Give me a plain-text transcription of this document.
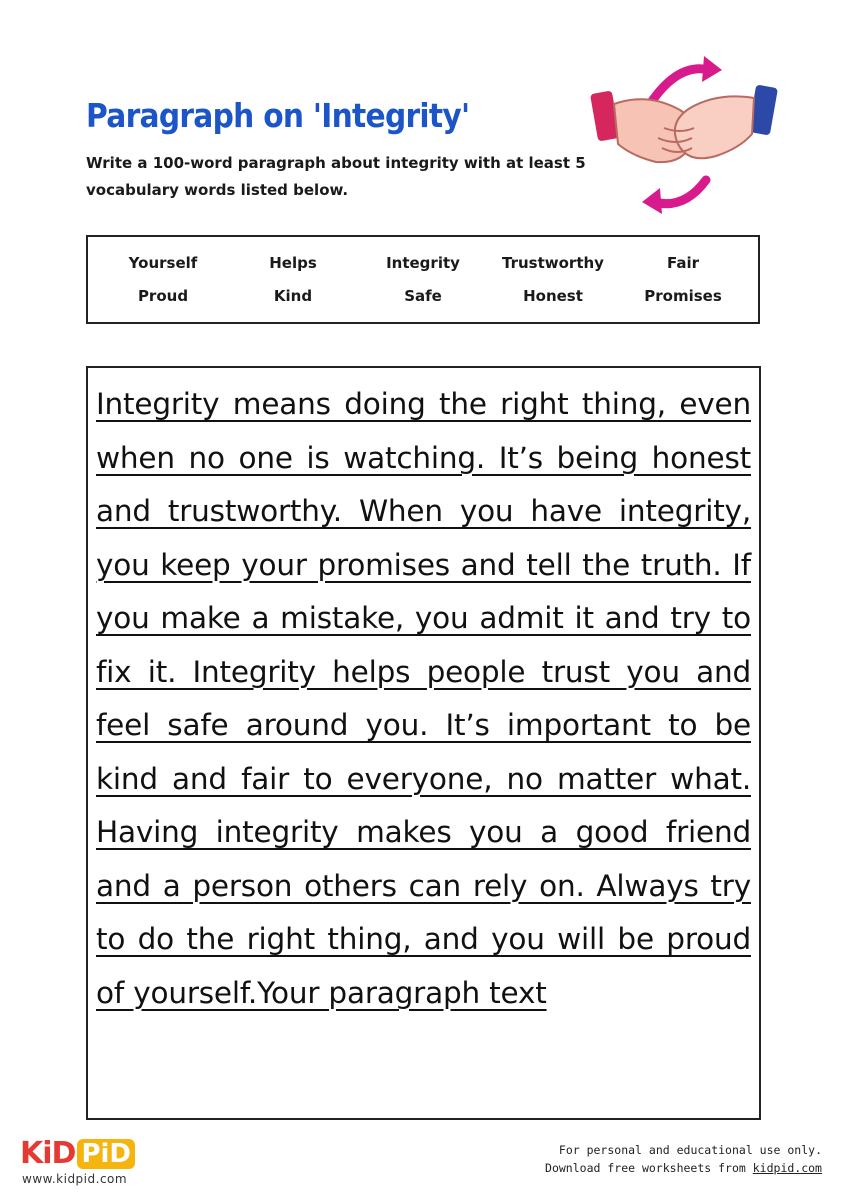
Paragraph on 'Integrity'

Write a 100-word paragraph about integrity with at least 5 vocabulary words listed below.

Yourself	Helps	Integrity	Trustworthy	Fair
Proud	Kind	Safe	Honest	Promises

Integrity means doing the right thing, even when no one is watching. It’s being honest and trustworthy. When you have integrity, you keep your promises and tell the truth. If you make a mistake, you admit it and try to fix it. Integrity helps people trust you and feel safe around you. It’s important to be kind and fair to everyone, no matter what. Having integrity makes you a good friend and a person others can rely on. Always try to do the right thing, and you will be proud of yourself.Your paragraph text

KiD PiD
www.kidpid.com
For personal and educational use only.
Download free worksheets from kidpid.com
